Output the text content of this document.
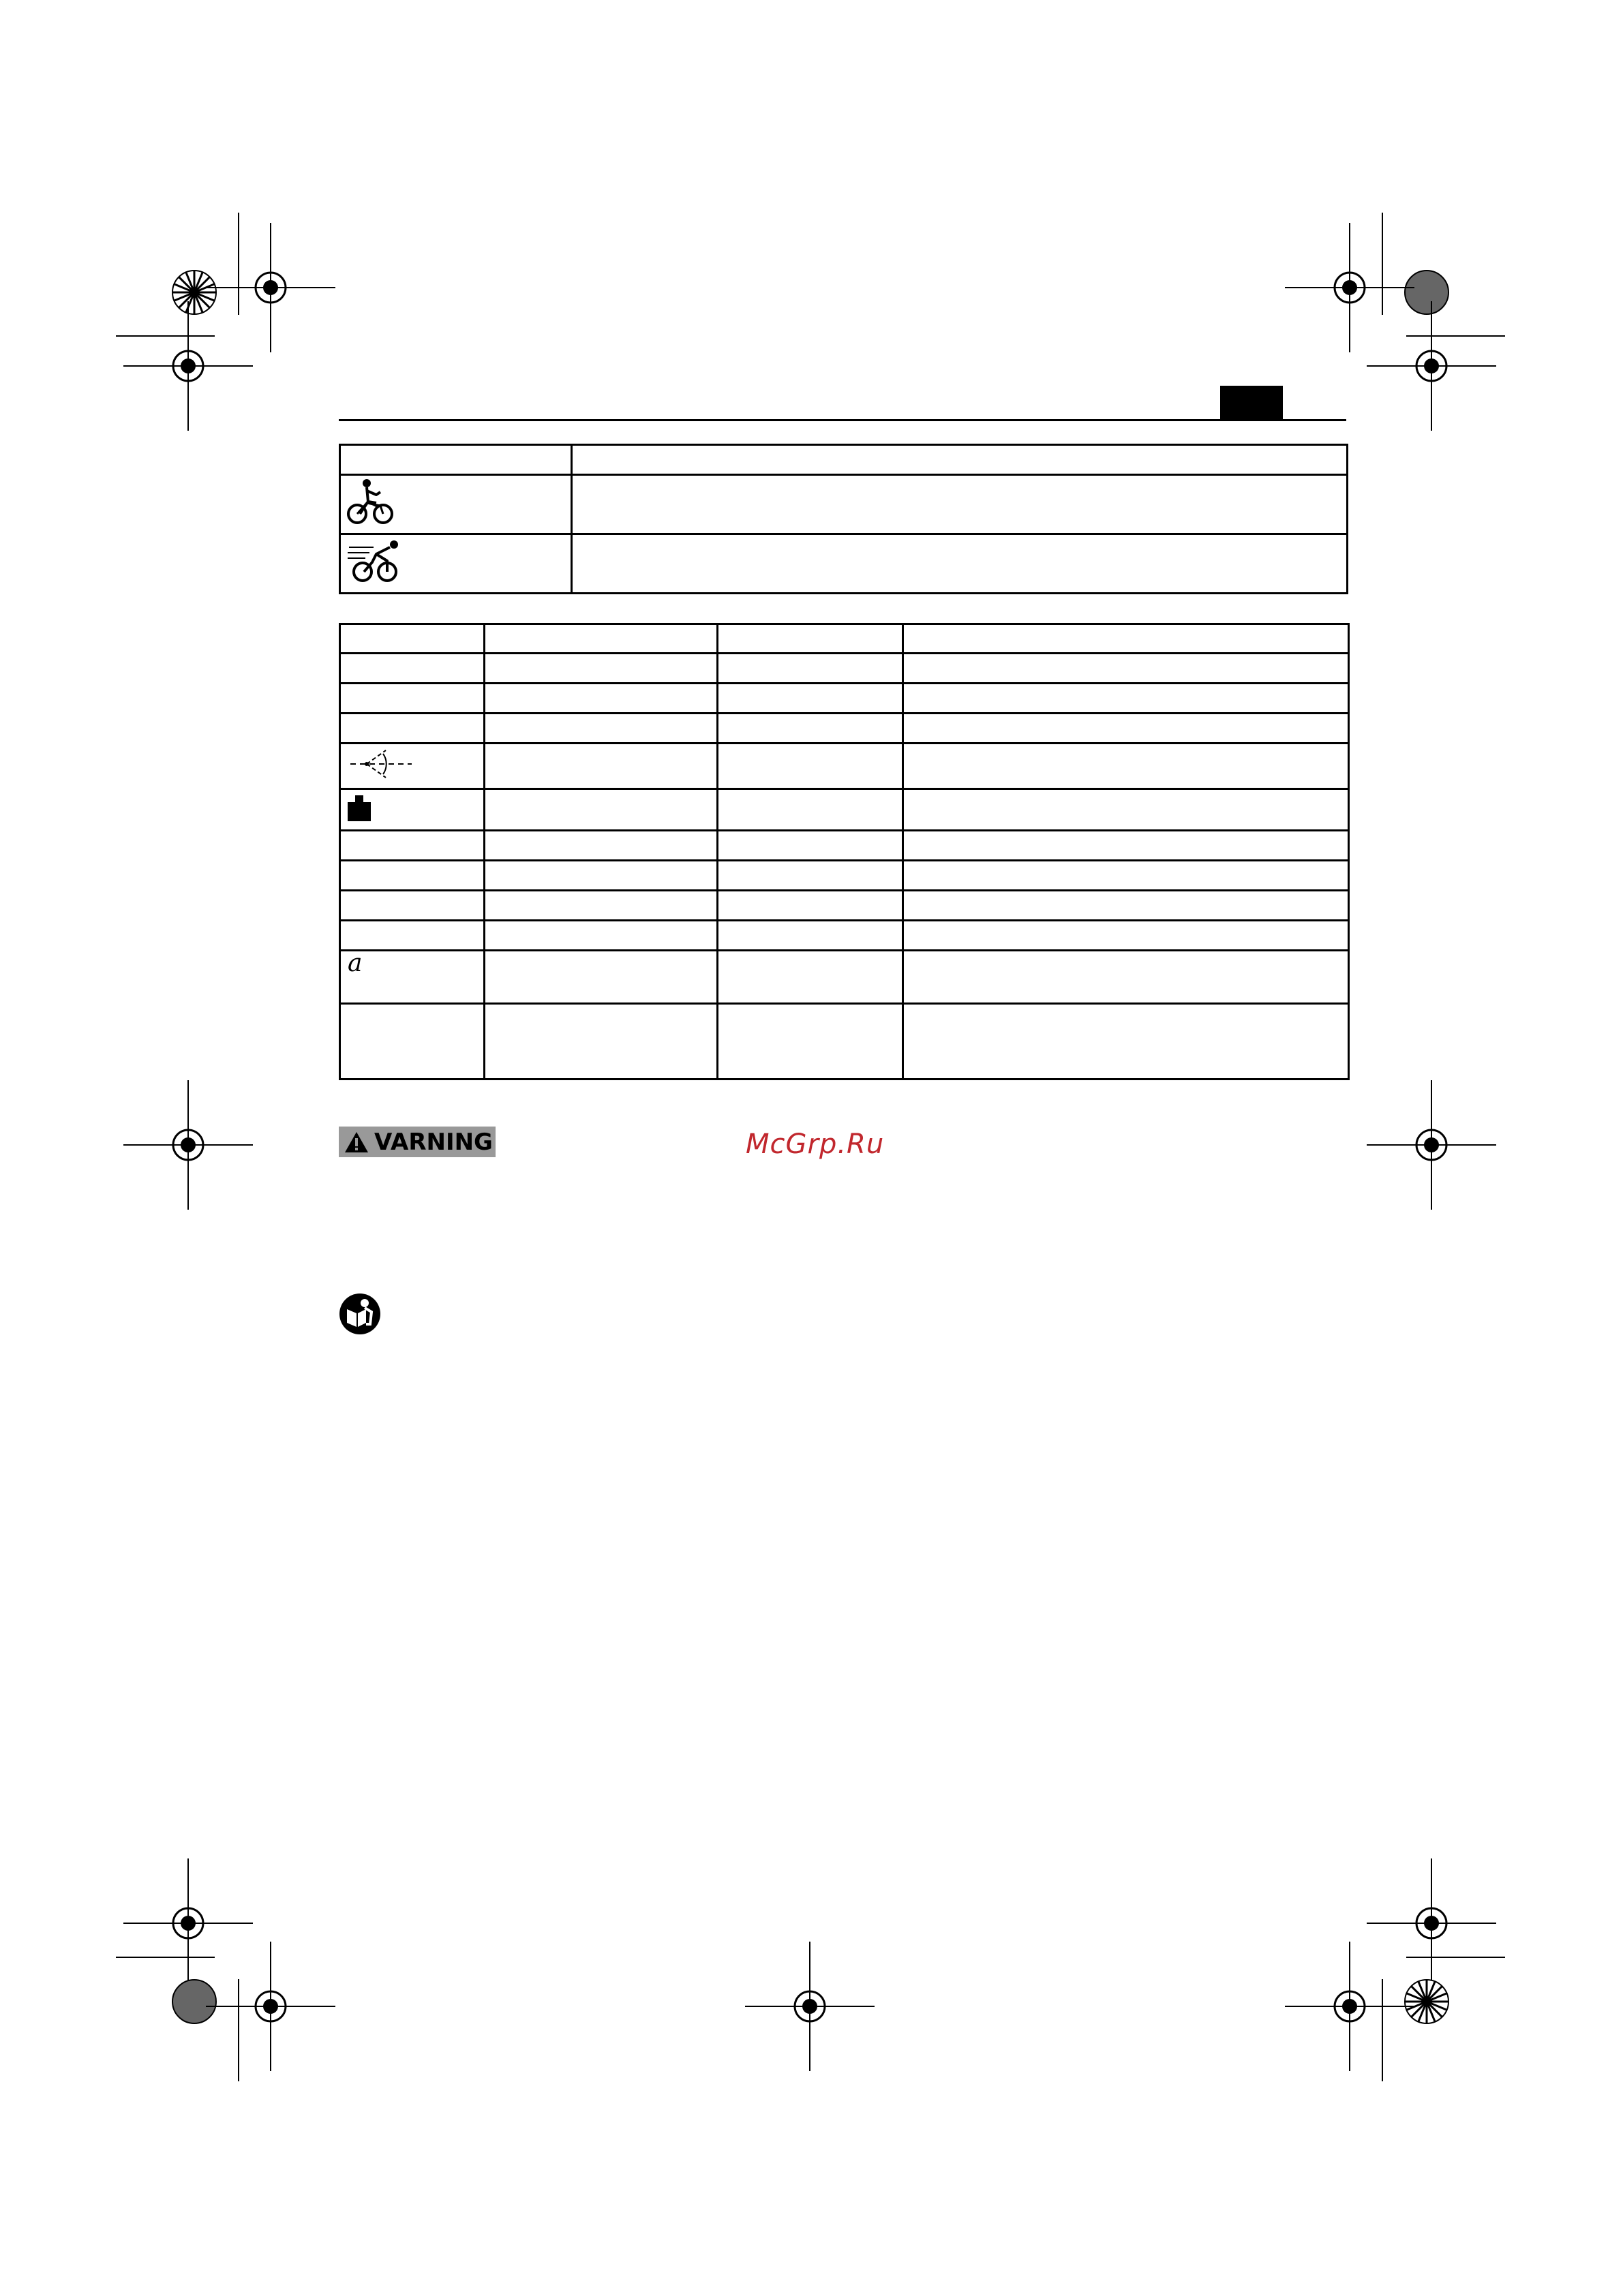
a			

VARNING	McGrp.Ru
